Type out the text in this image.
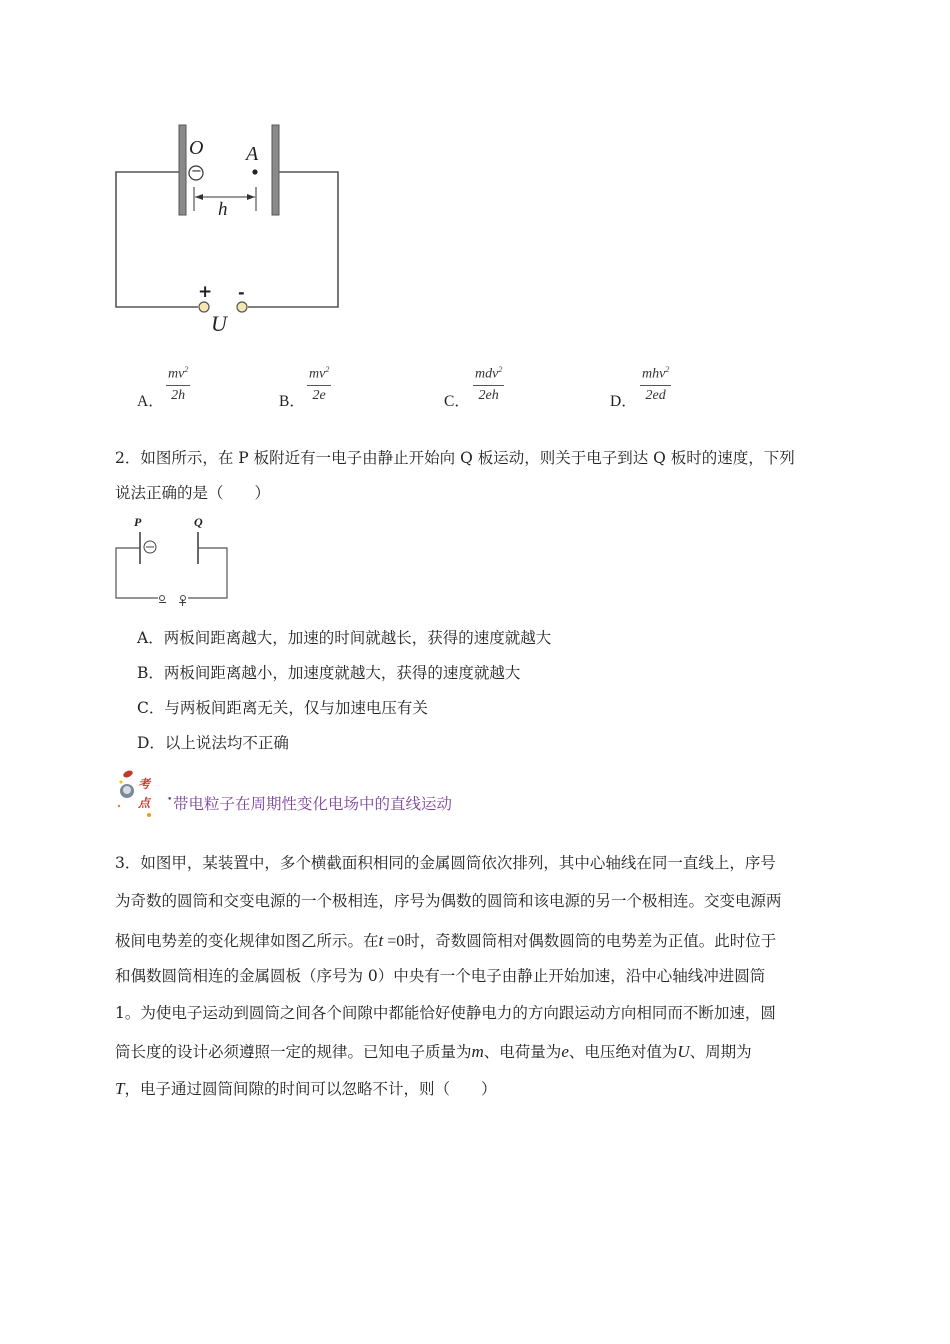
O
−
A
h
+ -
U
A． $\frac{mv^2}{2h}$	B． $\frac{mv^2}{2e}$	C．
mdv$^2$
2eh	D．
mhv$^2$
2ed
2．如图所示，在 P 板附近有一电子由静止开始向 Q 板运动，则关于电子到达 Q 板时的速度，下列
说法正确的是（　　）
P	Q
− +
A．两板间距离越大，加速的时间就越长，获得的速度就越大
B．两板间距离越小，加速度就越大，获得的速度就越大
C．与两板间距离无关，仅与加速电压有关
D．以上说法均不正确
考
点 • 带电粒子在周期性变化电场中的直线运动
3．如图甲，某装置中，多个横截面积相同的金属圆筒依次排列，其中心轴线在同一直线上，序号
为奇数的圆筒和交变电源的一个极相连，序号为偶数的圆筒和该电源的另一个极相连。交变电源两
极间电势差的变化规律如图乙所示。在t =0时，奇数圆筒相对偶数圆筒的电势差为正值。此时位于
和偶数圆筒相连的金属圆板（序号为 0）中央有一个电子由静止开始加速，沿中心轴线冲进圆筒
1。为使电子运动到圆筒之间各个间隙中都能恰好使静电力的方向跟运动方向相同而不断加速，圆
筒长度的设计必须遵照一定的规律。已知电子质量为m、电荷量为e、电压绝对值为U、周期为
T，电子通过圆筒间隙的时间可以忽略不计，则（　　）
